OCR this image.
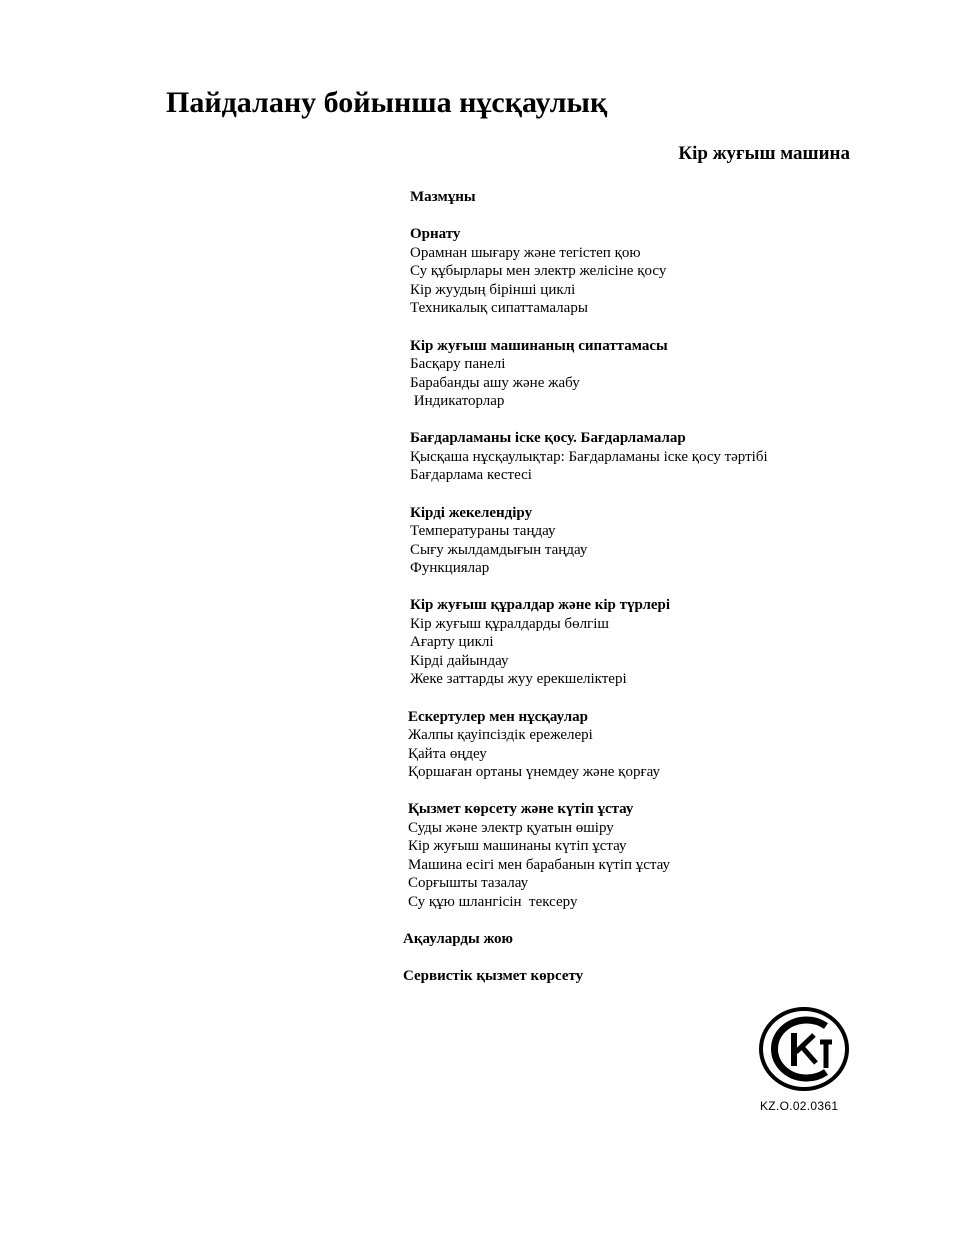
Пайдалану бойынша нұсқаулық
Кір жуғыш машина
Мазмұны
Орнату
Орамнан шығару және тегістеп қою
Су құбырлары мен электр желісіне қосу
Кір жуудың бірінші циклі
Техникалық сипаттамалары
Кір жуғыш машинаның сипаттамасы
Басқару панелі
Барабанды ашу және жабу
Индикаторлар
Бағдарламаны іске қосу. Бағдарламалар
Қысқаша нұсқаулықтар: Бағдарламаны іске қосу тәртібі
Бағдарлама кестесі
Кірді жекелендіру
Температураны таңдау
Сығу жылдамдығын таңдау
Функциялар
Кір жуғыш құралдар және кір түрлері
Кір жуғыш құралдарды бөлгіш
Ағарту циклі
Кірді дайындау
Жеке заттарды жуу ерекшеліктері
Ескертулер мен нұсқаулар
Жалпы қауіпсіздік ережелері
Қайта өңдеу
Қоршаған ортаны үнемдеу және қорғау
Қызмет көрсету және күтіп ұстау
Суды және электр қуатын өшіру
Кір жуғыш машинаны күтіп ұстау
Машина есігі мен барабанын күтіп ұстау
Сорғышты тазалау
Су құю шлангісін  тексеру
Ақауларды жою
Сервистік қызмет көрсету
KZ.O.02.0361
